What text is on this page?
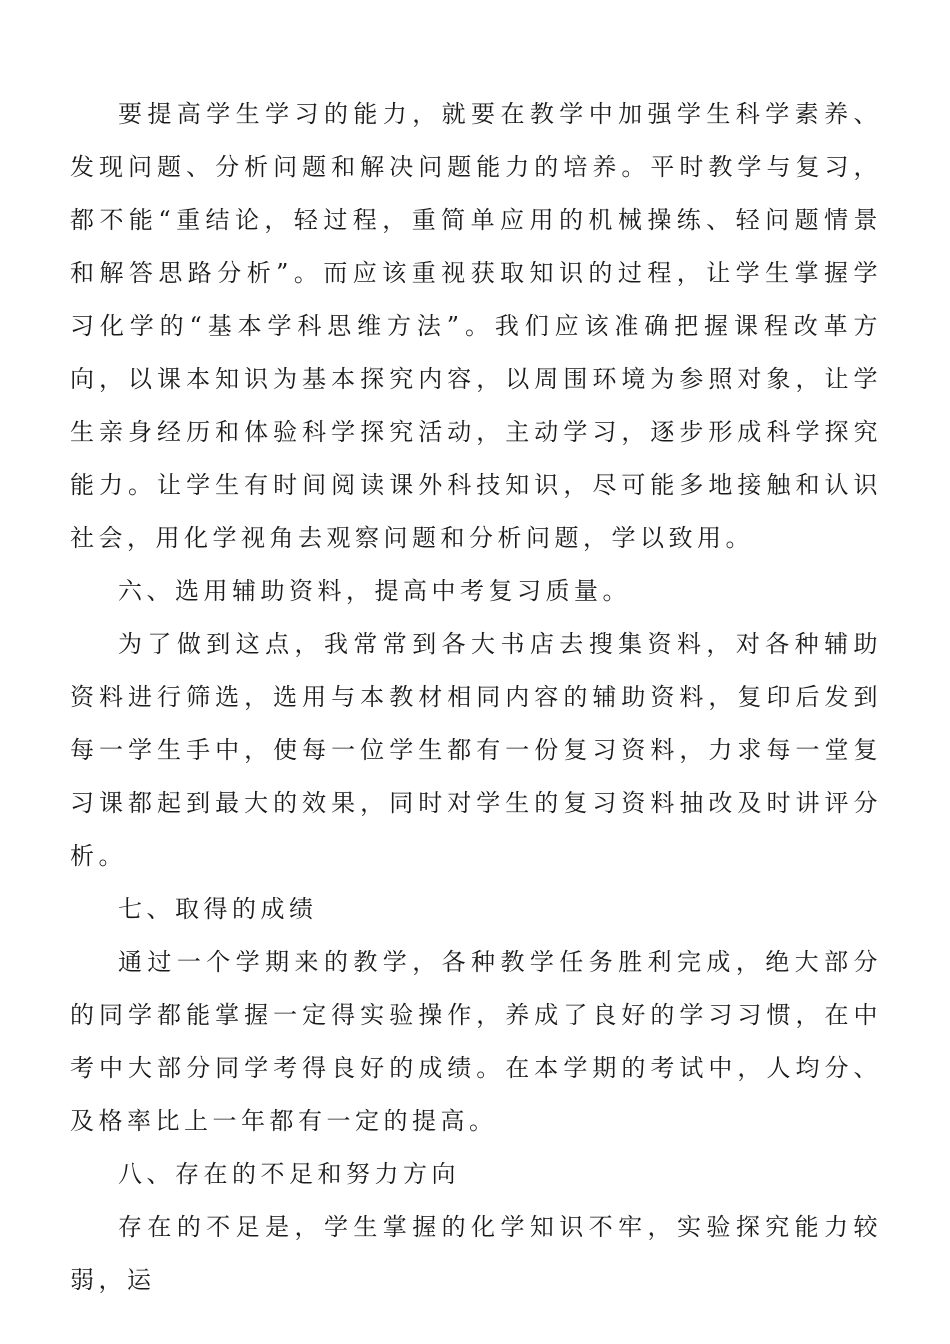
要提高学生学习的能力，就要在教学中加强学生科学素养、发现问题、分析问题和解决问题能力的培养。平时教学与复习，都不能“重结论，轻过程，重简单应用的机械操练、轻问题情景和解答思路分析”。而应该重视获取知识的过程，让学生掌握学习化学的“基本学科思维方法”。我们应该准确把握课程改革方向，以课本知识为基本探究内容，以周围环境为参照对象，让学生亲身经历和体验科学探究活动，主动学习，逐步形成科学探究能力。让学生有时间阅读课外科技知识，尽可能多地接触和认识社会，用化学视角去观察问题和分析问题，学以致用。

六、选用辅助资料，提高中考复习质量。

为了做到这点，我常常到各大书店去搜集资料，对各种辅助资料进行筛选，选用与本教材相同内容的辅助资料，复印后发到每一学生手中，使每一位学生都有一份复习资料，力求每一堂复习课都起到最大的效果，同时对学生的复习资料抽改及时讲评分析。

七、取得的成绩

通过一个学期来的教学，各种教学任务胜利完成，绝大部分的同学都能掌握一定得实验操作，养成了良好的学习习惯，在中考中大部分同学考得良好的成绩。在本学期的考试中，人均分、及格率比上一年都有一定的提高。

八、存在的不足和努力方向

存在的不足是，学生掌握的化学知识不牢，实验探究能力较弱，运
